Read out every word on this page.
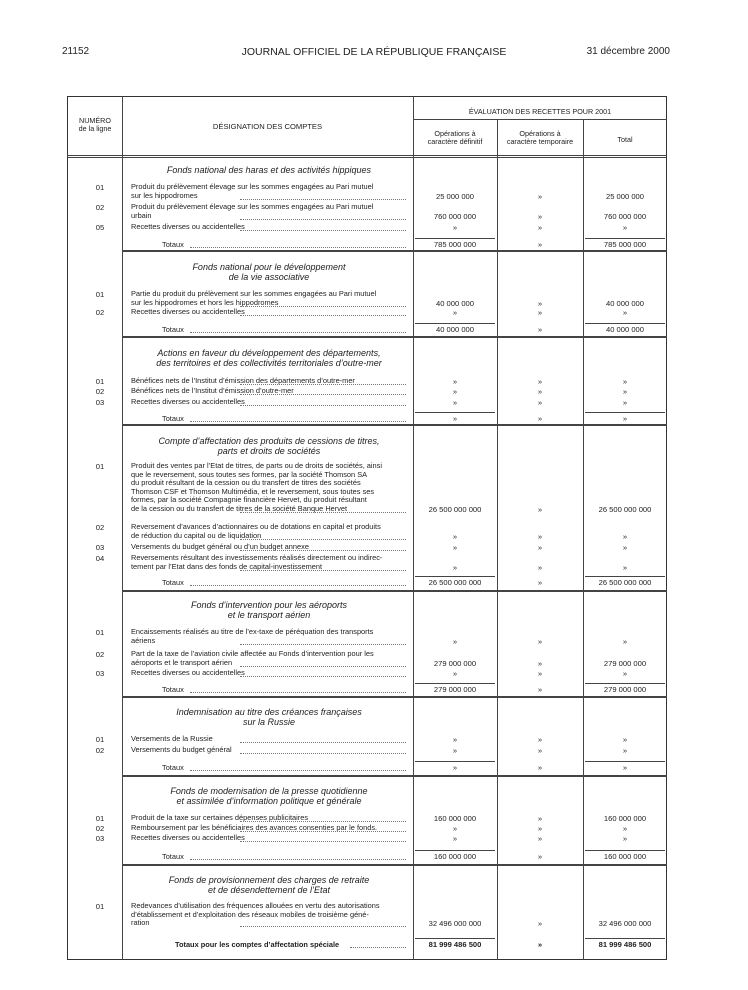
21152	JOURNAL OFFICIEL DE LA RÉPUBLIQUE FRANÇAISE	31 décembre 2000
NUMÉRO
de la ligne	DÉSIGNATION DES COMPTES
ÉVALUATION DES RECETTES POUR 2001
Opérations à
caractère définitif
Opérations à
caractère temporaire	Total
Fonds national des haras et des activités hippiques
01	Produit du prélèvement élevage sur les sommes engagées au Pari mutuel
sur les hippodromes	25 000 000	»	25 000 000
02	Produit du prélèvement élevage sur les sommes engagées au Pari mutuel
urbain	760 000 000	»	760 000 000
05	Recettes diverses ou accidentelles	»	»	»
Totaux	785 000 000	»	785 000 000
Fonds national pour le développement
de la vie associative
01	Partie du produit du prélèvement sur les sommes engagées au Pari mutuel
sur les hippodromes et hors les hippodromes	40 000 000	»	40 000 000
02	Recettes diverses ou accidentelles	»	»	»
Totaux	40 000 000	»	40 000 000
Actions en faveur du développement des départements,
des territoires et des collectivités territoriales d’outre-mer
01	Bénéfices nets de l’Institut d’émission des départements d’outre-mer	»	»	»
02	Bénéfices nets de l’Institut d’émission d’outre-mer	»	»	»
03	Recettes diverses ou accidentelles	»	»	»
Totaux	»	»	»
Compte d’affectation des produits de cessions de titres,
parts et droits de sociétés
01	Produit des ventes par l’Etat de titres, de parts ou de droits de sociétés, ainsi
que le reversement, sous toutes ses formes, par la société Thomson SA
du produit résultant de la cession ou du transfert de titres des sociétés
Thomson CSF et Thomson Multimédia, et le reversement, sous toutes ses
formes, par la société Compagnie financière Hervet, du produit résultant
de la cession ou du transfert de titres de la société Banque Hervet	26 500 000 000	»	26 500 000 000
02	Reversement d’avances d’actionnaires ou de dotations en capital et produits
de réduction du capital ou de liquidation	»	»	»
03	Versements du budget général ou d’un budget annexe	»	»	»
04	Reversements résultant des investissements réalisés directement ou indirec-
tement par l’Etat dans des fonds de capital-investissement	»	»	»
Totaux	26 500 000 000	»	26 500 000 000
Fonds d’intervention pour les aéroports
et le transport aérien
01	Encaissements réalisés au titre de l’ex-taxe de péréquation des transports
aériens	»	»	»
02	Part de la taxe de l’aviation civile affectée au Fonds d’intervention pour les
aéroports et le transport aérien	279 000 000	»	279 000 000
03	Recettes diverses ou accidentelles	»	»	»
Totaux	279 000 000	»	279 000 000
Indemnisation au titre des créances françaises
sur la Russie
01	Versements de la Russie	»	»	»
02	Versements du budget général	»	»	»
Totaux	»	»	»
Fonds de modernisation de la presse quotidienne
et assimilée d’information politique et générale
01	Produit de la taxe sur certaines dépenses publicitaires	160 000 000	»	160 000 000
02	Remboursement par les bénéficiaires des avances consenties par le fonds.	»	»	»
03	Recettes diverses ou accidentelles	»	»	»
Totaux	160 000 000	»	160 000 000
Fonds de provisionnement des charges de retraite
et de désendettement de l’Etat
01	Redevances d’utilisation des fréquences allouées en vertu des autorisations
d’établissement et d’exploitation des réseaux mobiles de troisième géné-
ration	32 496 000 000	»	32 496 000 000
Totaux pour les comptes d’affectation spéciale	81 999 486 500	»	81 999 486 500
